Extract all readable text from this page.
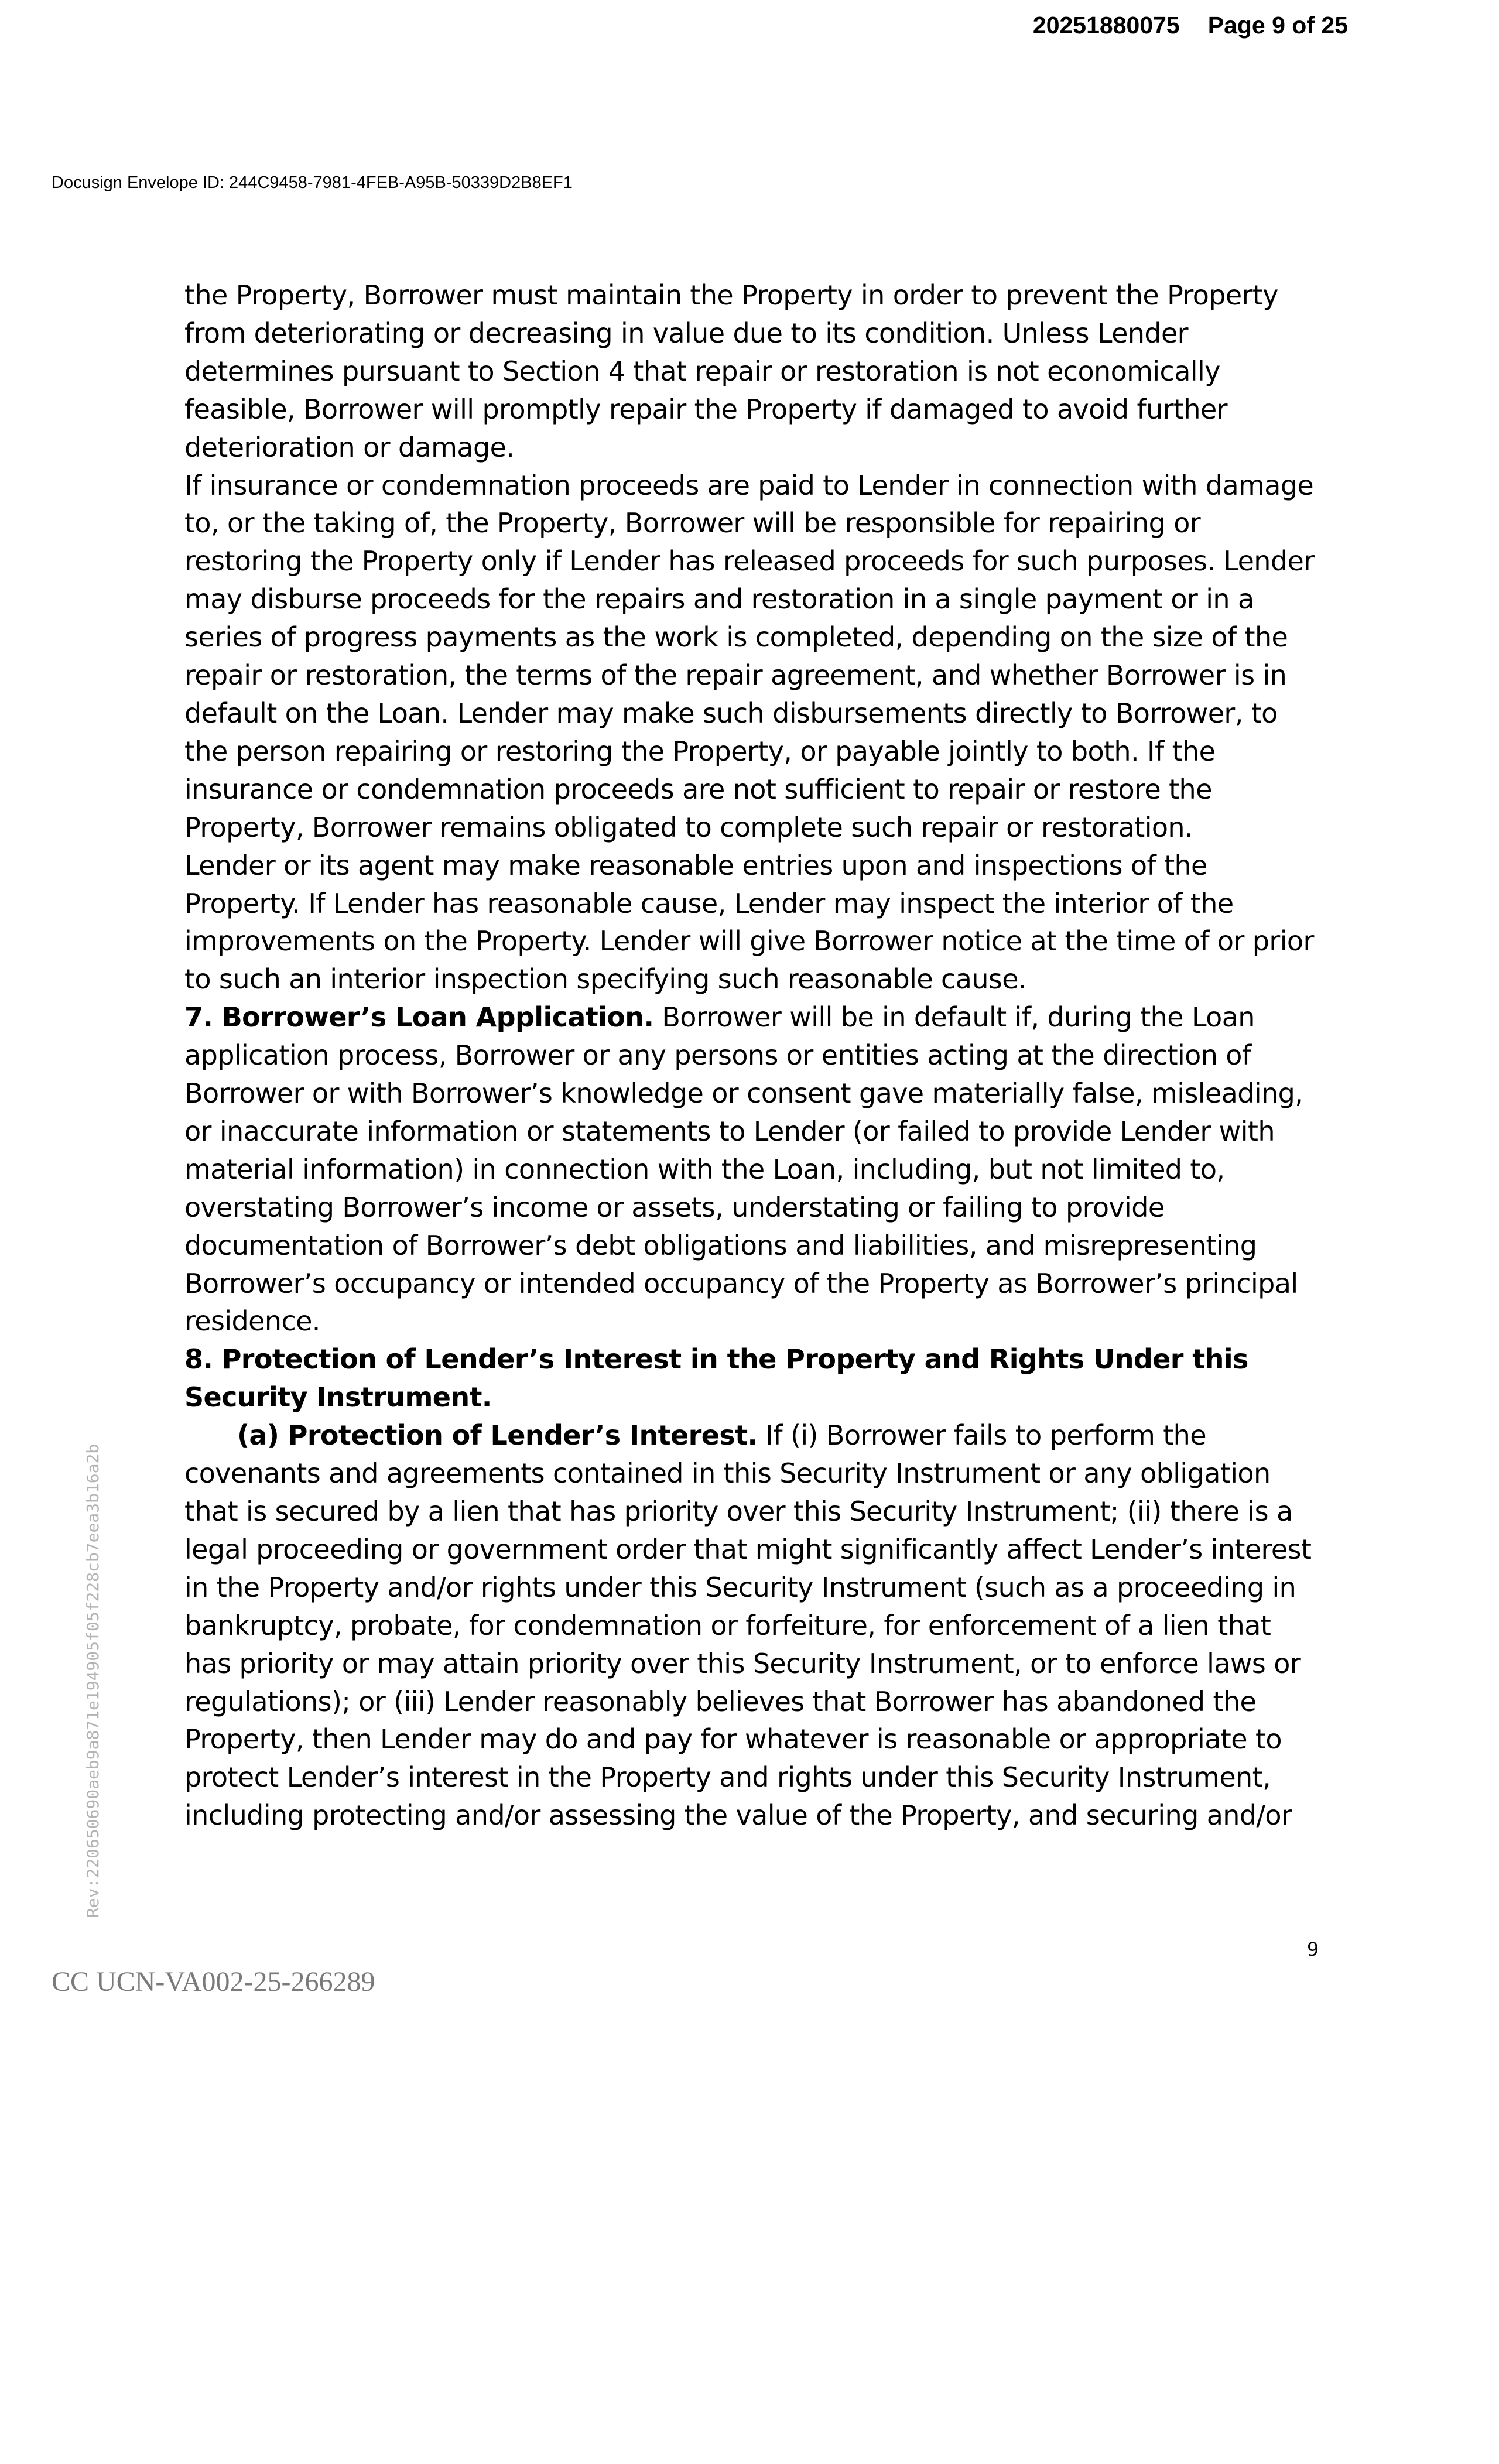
20251880075 Page 9 of 25
Docusign Envelope ID: 244C9458-7981-4FEB-A95B-50339D2B8EF1

the Property, Borrower must maintain the Property in order to prevent the Property from deteriorating or decreasing in value due to its condition. Unless Lender determines pursuant to Section 4 that repair or restoration is not economically feasible, Borrower will promptly repair the Property if damaged to avoid further deterioration or damage.

If insurance or condemnation proceeds are paid to Lender in connection with damage to, or the taking of, the Property, Borrower will be responsible for repairing or restoring the Property only if Lender has released proceeds for such purposes. Lender may disburse proceeds for the repairs and restoration in a single payment or in a series of progress payments as the work is completed, depending on the size of the repair or restoration, the terms of the repair agreement, and whether Borrower is in default on the Loan. Lender may make such disbursements directly to Borrower, to the person repairing or restoring the Property, or payable jointly to both. If the insurance or condemnation proceeds are not sufficient to repair or restore the Property, Borrower remains obligated to complete such repair or restoration.

Lender or its agent may make reasonable entries upon and inspections of the Property. If Lender has reasonable cause, Lender may inspect the interior of the improvements on the Property. Lender will give Borrower notice at the time of or prior to such an interior inspection specifying such reasonable cause.

7. Borrower’s Loan Application. Borrower will be in default if, during the Loan application process, Borrower or any persons or entities acting at the direction of Borrower or with Borrower’s knowledge or consent gave materially false, misleading, or inaccurate information or statements to Lender (or failed to provide Lender with material information) in connection with the Loan, including, but not limited to, overstating Borrower’s income or assets, understating or failing to provide documentation of Borrower’s debt obligations and liabilities, and misrepresenting Borrower’s occupancy or intended occupancy of the Property as Borrower’s principal residence.

8. Protection of Lender’s Interest in the Property and Rights Under this Security Instrument.

(a) Protection of Lender’s Interest. If (i) Borrower fails to perform the covenants and agreements contained in this Security Instrument or any obligation that is secured by a lien that has priority over this Security Instrument; (ii) there is a legal proceeding or government order that might significantly affect Lender’s interest in the Property and/or rights under this Security Instrument (such as a proceeding in bankruptcy, probate, for condemnation or forfeiture, for enforcement of a lien that has priority or may attain priority over this Security Instrument, or to enforce laws or regulations); or (iii) Lender reasonably believes that Borrower has abandoned the Property, then Lender may do and pay for whatever is reasonable or appropriate to protect Lender’s interest in the Property and rights under this Security Instrument, including protecting and/or assessing the value of the Property, and securing and/or

Rev:220650690aeb9a871e194905f05f228cb7eea3b16a2b
9
CC UCN-VA002-25-266289
